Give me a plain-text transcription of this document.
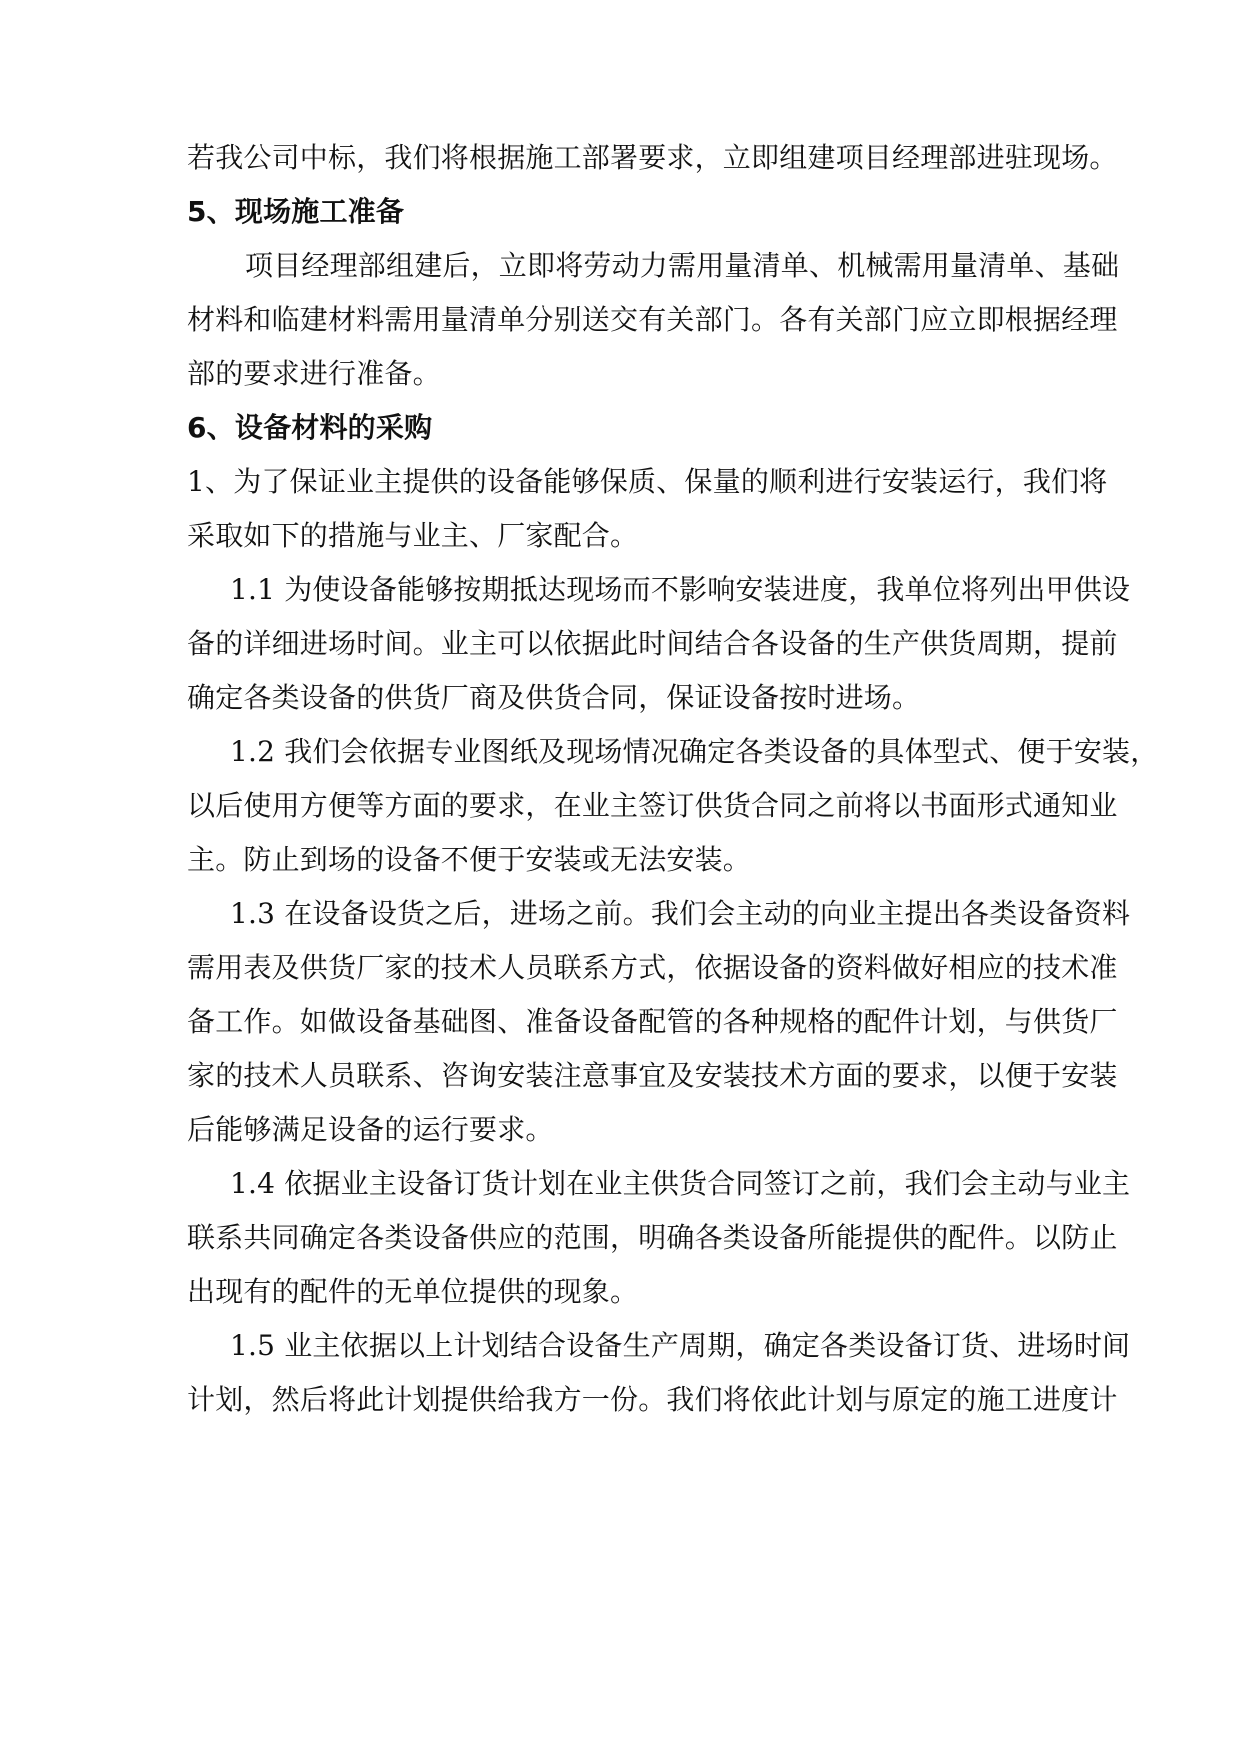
若我公司中标，我们将根据施工部署要求，立即组建项目经理部进驻现场。
5、现场施工准备
项目经理部组建后，立即将劳动力需用量清单、机械需用量清单、基础
材料和临建材料需用量清单分别送交有关部门。各有关部门应立即根据经理
部的要求进行准备。
6、设备材料的采购
1、为了保证业主提供的设备能够保质、保量的顺利进行安装运行，我们将
采取如下的措施与业主、厂家配合。
1.1 为使设备能够按期抵达现场而不影响安装进度，我单位将列出甲供设
备的详细进场时间。业主可以依据此时间结合各设备的生产供货周期，提前
确定各类设备的供货厂商及供货合同，保证设备按时进场。
1.2 我们会依据专业图纸及现场情况确定各类设备的具体型式、便于安装，
以后使用方便等方面的要求，在业主签订供货合同之前将以书面形式通知业
主。防止到场的设备不便于安装或无法安装。
1.3 在设备设货之后，进场之前。我们会主动的向业主提出各类设备资料
需用表及供货厂家的技术人员联系方式，依据设备的资料做好相应的技术准
备工作。如做设备基础图、准备设备配管的各种规格的配件计划，与供货厂
家的技术人员联系、咨询安装注意事宜及安装技术方面的要求，以便于安装
后能够满足设备的运行要求。
1.4 依据业主设备订货计划在业主供货合同签订之前，我们会主动与业主
联系共同确定各类设备供应的范围，明确各类设备所能提供的配件。以防止
出现有的配件的无单位提供的现象。
1.5 业主依据以上计划结合设备生产周期，确定各类设备订货、进场时间
计划，然后将此计划提供给我方一份。我们将依此计划与原定的施工进度计
